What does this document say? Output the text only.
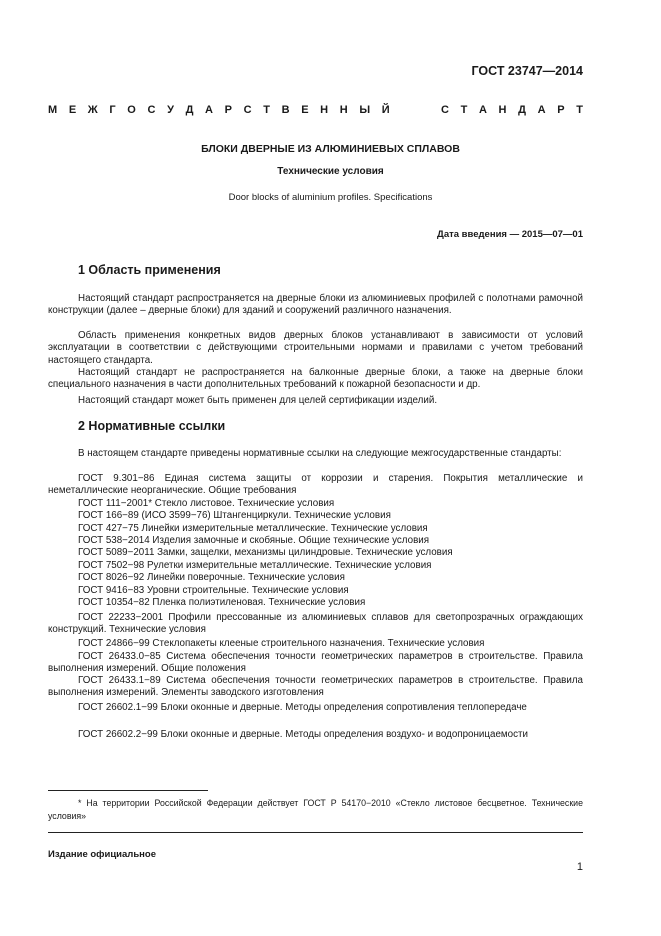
ГОСТ 23747—2014
М Е Ж Г О С У Д А Р С Т В Е Н Н Ы Й	С Т А Н Д А Р Т
БЛОКИ ДВЕРНЫЕ ИЗ АЛЮМИНИЕВЫХ СПЛАВОВ
Технические условия
Door blocks of aluminium profiles. Specifications
Дата введения — 2015—07—01
1 Область применения

Настоящий стандарт распространяется на дверные блоки из алюминиевых профилей с полотнами рамочной конструкции (далее – дверные блоки) для зданий и сооружений различного назначения.

Область применения конкретных видов дверных блоков устанавливают в зависимости от условий эксплуатации в соответствии с действующими строительными нормами и правилами с учетом требований настоящего стандарта.

Настоящий стандарт не распространяется на балконные дверные блоки, а также на дверные блоки специального назначения в части дополнительных требований к пожарной безопасности и др.

Настоящий стандарт может быть применен для целей сертификации изделий.

2 Нормативные ссылки

В настоящем стандарте приведены нормативные ссылки на следующие межгосударственные стандарты:

ГОСТ 9.301−86 Единая система защиты от коррозии и старения. Покрытия металлические и неметаллические неорганические. Общие требования
ГОСТ 111−2001* Стекло листовое. Технические условия
ГОСТ 166−89 (ИСО 3599−76) Штангенциркули. Технические условия
ГОСТ 427−75 Линейки измерительные металлические. Технические условия
ГОСТ 538−2014 Изделия замочные и скобяные. Общие технические условия
ГОСТ 5089−2011 Замки, защелки, механизмы цилиндровые. Технические условия
ГОСТ 7502−98 Рулетки измерительные металлические. Технические условия
ГОСТ 8026−92 Линейки поверочные. Технические условия
ГОСТ 9416−83 Уровни строительные. Технические условия
ГОСТ 10354−82 Пленка полиэтиленовая. Технические условия
ГОСТ 22233−2001 Профили прессованные из алюминиевых сплавов для светопрозрачных ограждающих конструкций. Технические условия
ГОСТ 24866−99 Стеклопакеты клееные строительного назначения. Технические условия
ГОСТ 26433.0−85 Система обеспечения точности геометрических параметров в строительстве. Правила выполнения измерений. Общие положения
ГОСТ 26433.1−89 Система обеспечения точности геометрических параметров в строительстве. Правила выполнения измерений. Элементы заводского изготовления
ГОСТ 26602.1−99 Блоки оконные и дверные. Методы определения сопротивления теплопередаче
ГОСТ 26602.2−99 Блоки оконные и дверные. Методы определения воздухо- и водопроницаемости
* На территории Российской Федерации действует ГОСТ Р 54170−2010 «Стекло листовое бесцветное. Технические условия»
Издание официальное
1
